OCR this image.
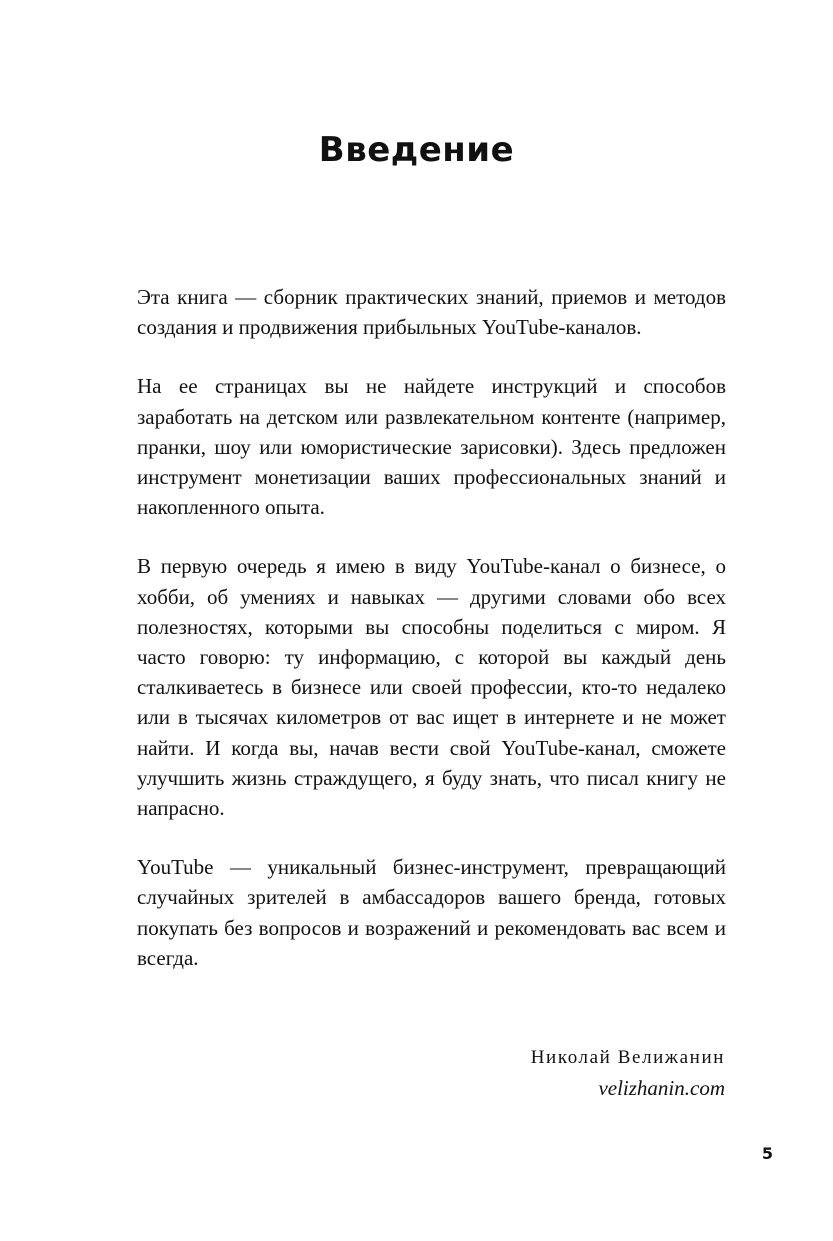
Введение

Эта книга — сборник практических знаний, приемов и методов создания и продвижения прибыльных YouTube-каналов.

На ее страницах вы не найдете инструкций и способов заработать на детском или развлекательном контенте (например, пранки, шоу или юмористические зарисовки). Здесь предложен инструмент монетизации ваших профессиональных знаний и накопленного опыта.

В первую очередь я имею в виду YouTube-канал о бизнесе, о хобби, об умениях и навыках — другими словами обо всех полезностях, которыми вы способны поделиться с миром. Я часто говорю: ту информацию, с которой вы каждый день сталкиваетесь в бизнесе или своей профессии, кто-то недалеко или в тысячах километров от вас ищет в интернете и не может найти. И когда вы, начав вести свой YouTube-канал, сможете улучшить жизнь страждущего, я буду знать, что писал книгу не напрасно.

YouTube — уникальный бизнес-инструмент, превращающий случайных зрителей в амбассадоров вашего бренда, готовых покупать без вопросов и возражений и рекомендовать вас всем и всегда.

Николай Велижанин
velizhanin.com
5
